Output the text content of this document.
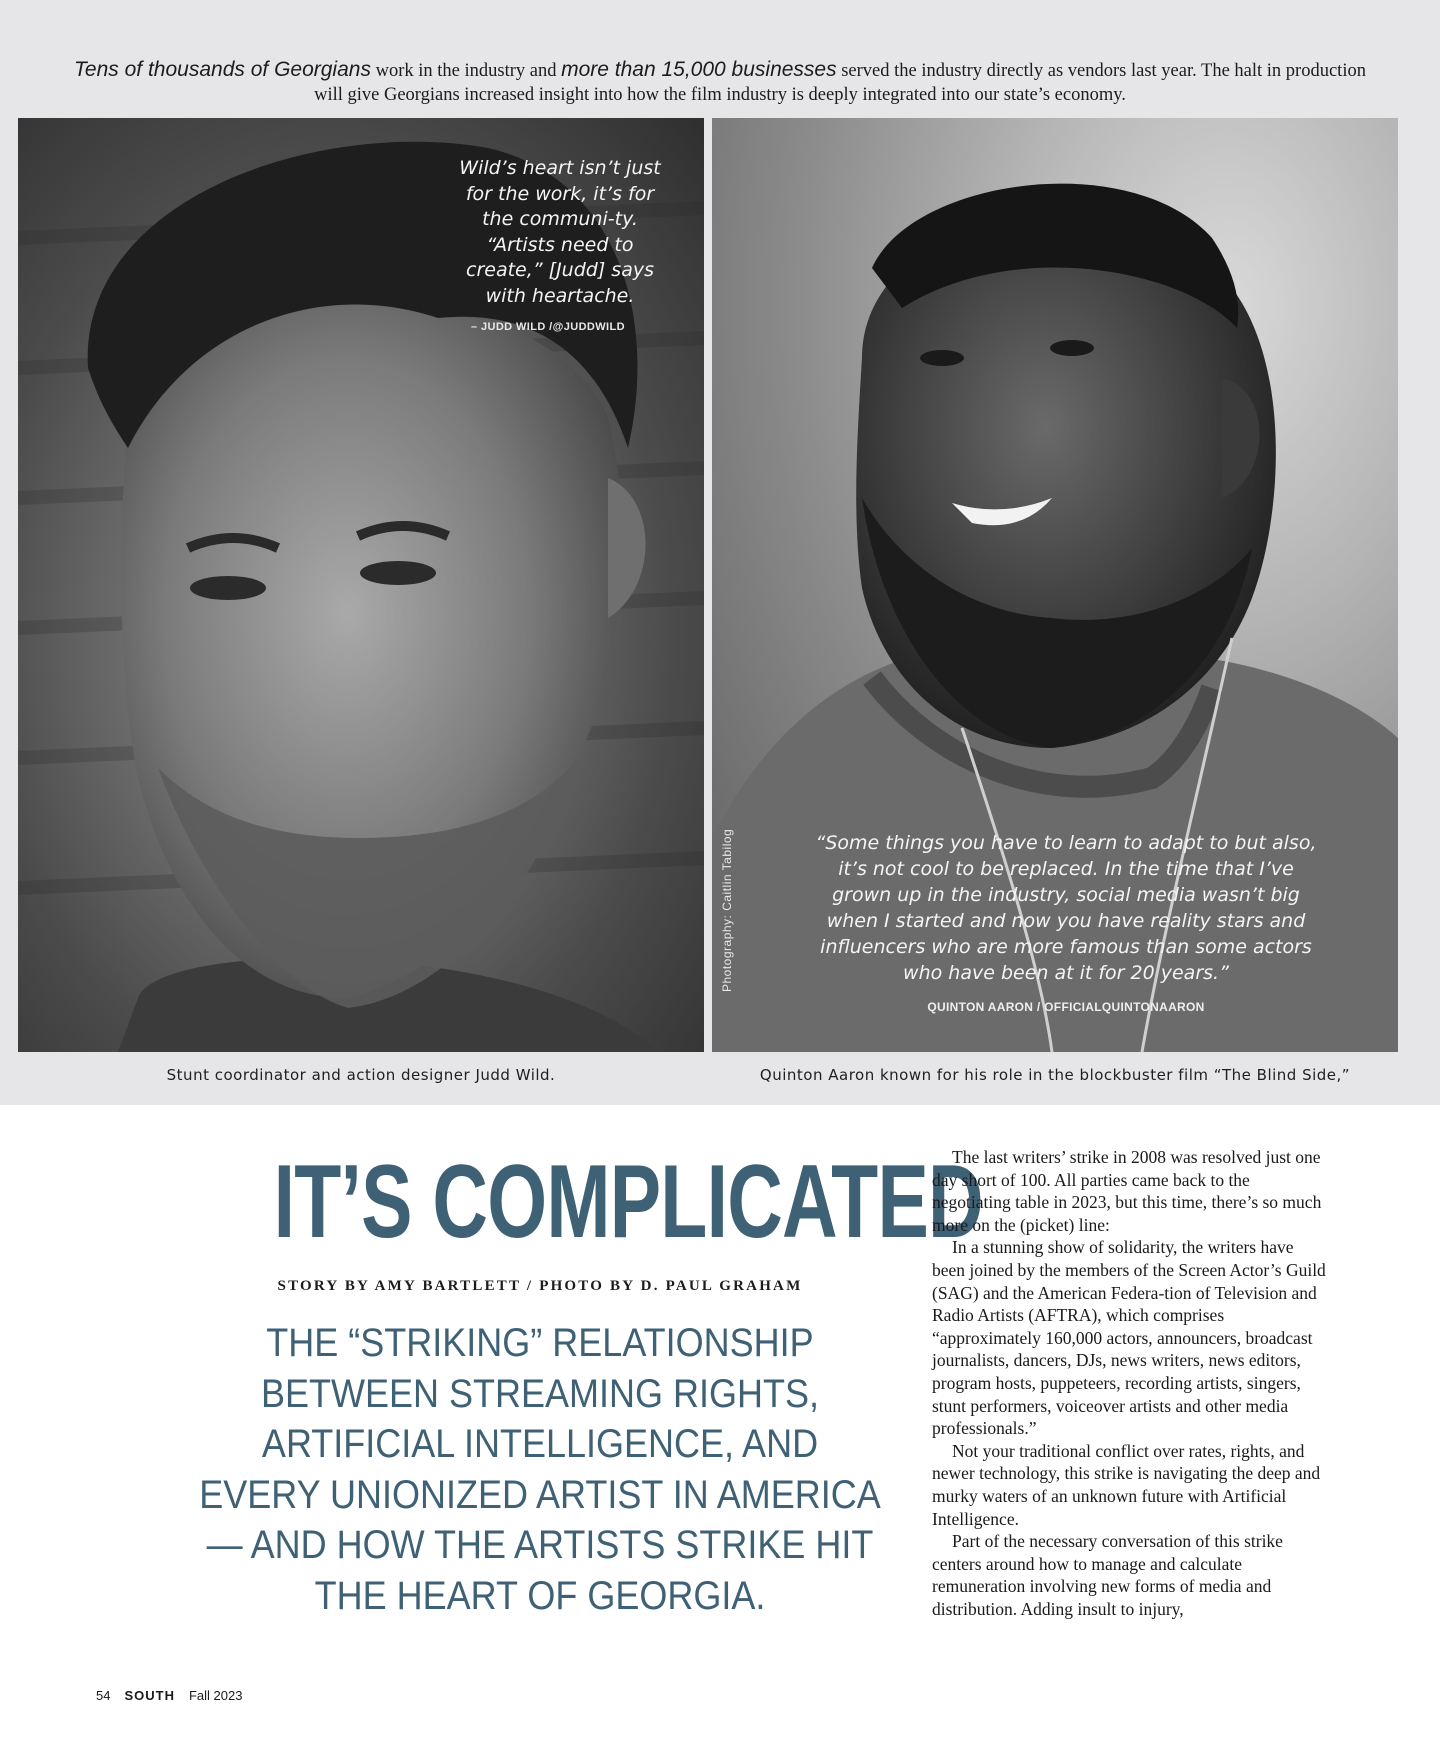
Tens of thousands of Georgians work in the industry and more than 15,000 businesses served the industry directly as vendors last year. The halt in production will give Georgians increased insight into how the film industry is deeply integrated into our state’s economy.
Wild’s heart isn’t just for the work, it’s for the communi-ty. “Artists need to create,” [Judd] says with heartache.
– JUDD WILD /@JUDDWILD
“Some things you have to learn to adapt to but also, it’s not cool to be replaced. In the time that I’ve grown up in the industry, social media wasn’t big when I started and now you have reality stars and influencers who are more famous than some actors who have been at it for 20 years.”
QUINTON AARON / OFFICIALQUINTONAARON
Photography: Caitlin Tabilog
Stunt coordinator and action designer Judd Wild.	Quinton Aaron known for his role in the blockbuster film “The Blind Side,”
IT’S COMPLICATED
STORY BY AMY BARTLETT / PHOTO BY D. PAUL GRAHAM
THE “STRIKING” RELATIONSHIP BETWEEN STREAMING RIGHTS, ARTIFICIAL INTELLIGENCE, AND EVERY UNIONIZED ARTIST IN AMERICA — AND HOW THE ARTISTS STRIKE HIT THE HEART OF GEORGIA.

The last writers’ strike in 2008 was resolved just one day short of 100. All parties came back to the negotiating table in 2023, but this time, there’s so much more on the (picket) line:

In a stunning show of solidarity, the writers have been joined by the members of the Screen Actor’s Guild (SAG) and the American Federa-tion of Television and Radio Artists (AFTRA), which comprises “approximately 160,000 actors, announcers, broadcast journalists, dancers, DJs, news writers, news editors, program hosts, puppeteers, recording artists, singers, stunt performers, voiceover artists and other media professionals.”

Not your traditional conflict over rates, rights, and newer technology, this strike is navigating the deep and murky waters of an unknown future with Artificial Intelligence.

Part of the necessary conversation of this strike centers around how to manage and calculate remuneration involving new forms of media and distribution. Adding insult to injury,

54 SOUTH Fall 2023
